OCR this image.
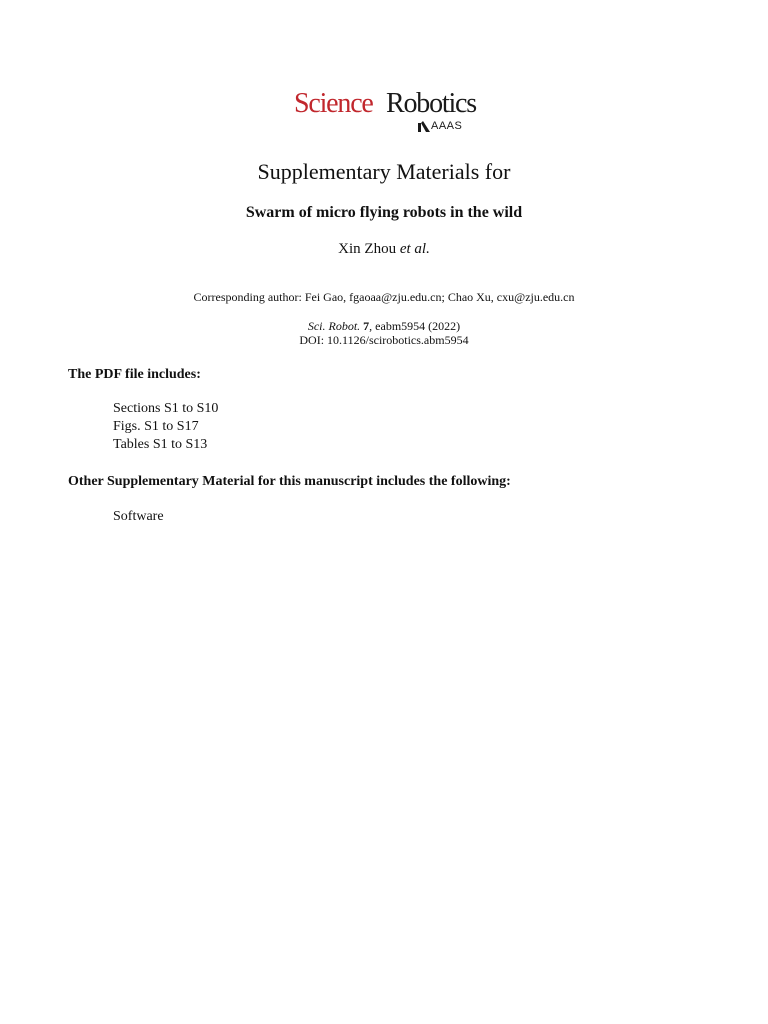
Science Robotics
AAAS
Supplementary Materials for
Swarm of micro flying robots in the wild
Xin Zhou et al.
Corresponding author: Fei Gao, fgaoaa@zju.edu.cn; Chao Xu, cxu@zju.edu.cn
Sci. Robot. 7, eabm5954 (2022)
DOI: 10.1126/scirobotics.abm5954
The PDF file includes:
Sections S1 to S10
Figs. S1 to S17
Tables S1 to S13
Other Supplementary Material for this manuscript includes the following:
Software
